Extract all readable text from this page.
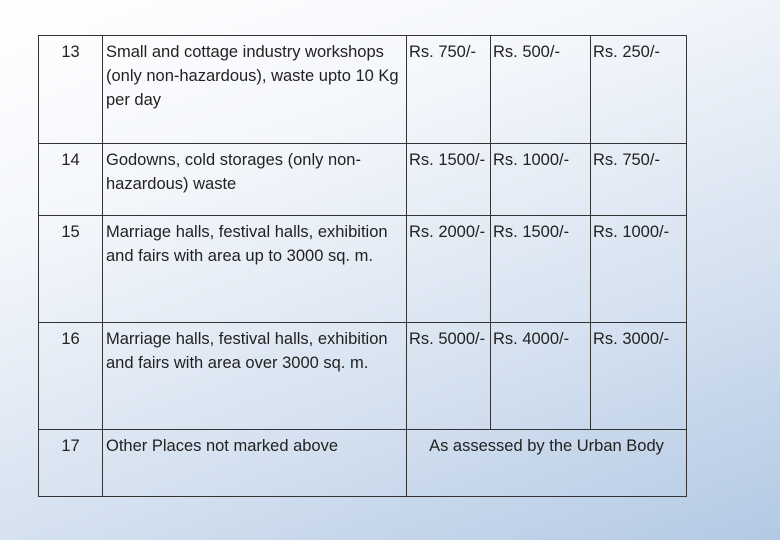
13	Small and cottage industry workshops (only non-hazardous), waste upto 10 Kg per day	Rs. 750/-	Rs. 500/-	Rs. 250/-
14	Godowns, cold storages (only non-hazardous) waste	Rs. 1500/-	Rs. 1000/-	Rs. 750/-
15	Marriage halls, festival halls, exhibition and fairs with area up to 3000 sq. m.	Rs. 2000/-	Rs. 1500/-	Rs. 1000/-
16	Marriage halls, festival halls, exhibition and fairs with area over 3000 sq. m.	Rs. 5000/-	Rs. 4000/-	Rs. 3000/-
17	Other Places not marked above	As assessed by the Urban Body		
